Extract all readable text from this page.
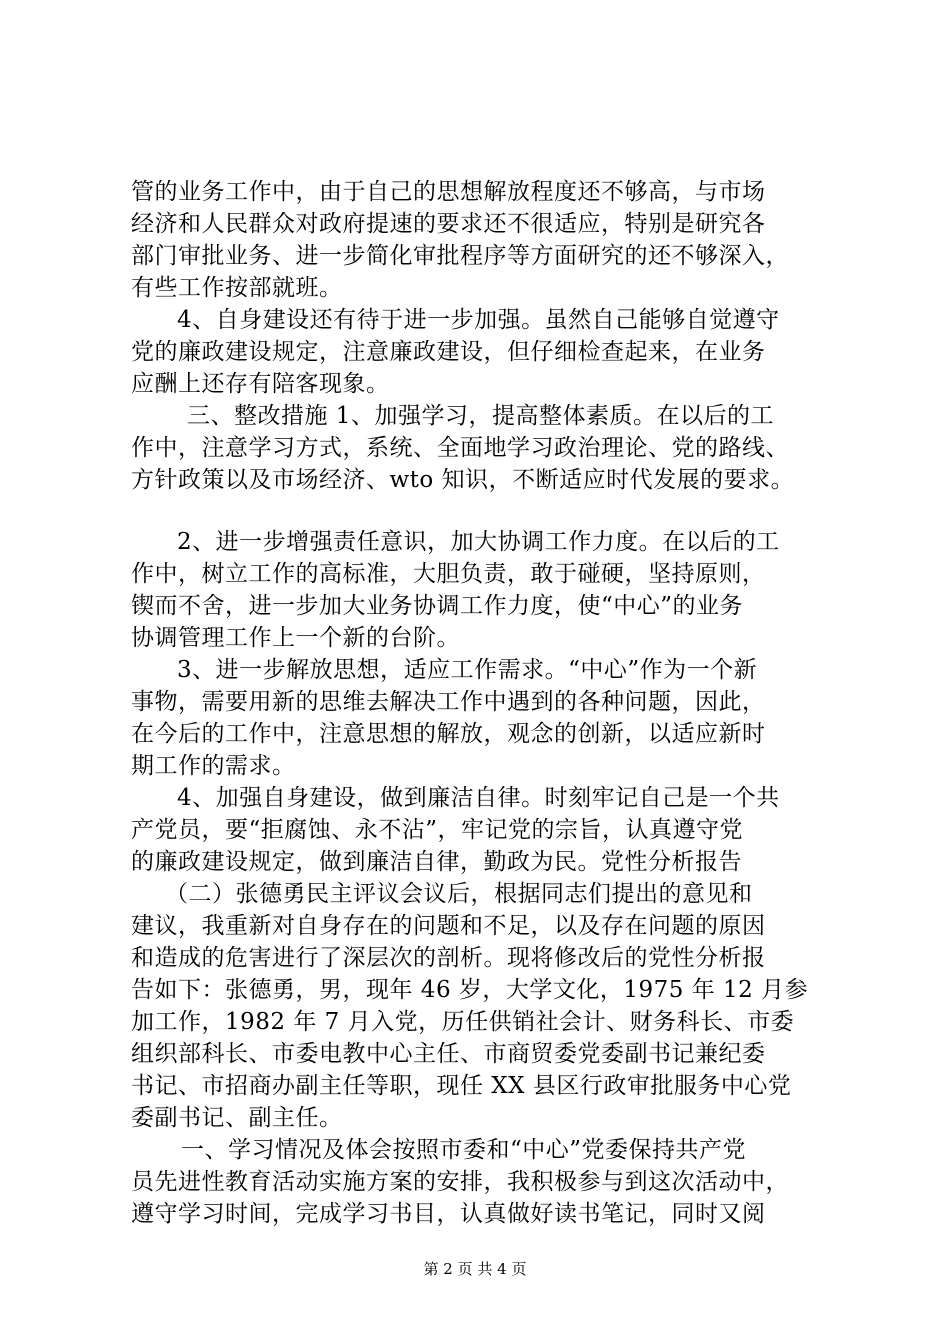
管的业务工作中，由于自己的思想解放程度还不够高，与市场
经济和人民群众对政府提速的要求还不很适应，特别是研究各
部门审批业务、进一步简化审批程序等方面研究的还不够深入，
有些工作按部就班。
4、自身建设还有待于进一步加强。虽然自己能够自觉遵守
党的廉政建设规定，注意廉政建设，但仔细检查起来，在业务
应酬上还存有陪客现象。
三、整改措施 1、加强学习，提高整体素质。在以后的工
作中，注意学习方式，系统、全面地学习政治理论、党的路线、
方针政策以及市场经济、wto 知识，不断适应时代发展的要求。
2、进一步增强责任意识，加大协调工作力度。在以后的工
作中，树立工作的高标准，大胆负责，敢于碰硬，坚持原则，
锲而不舍，进一步加大业务协调工作力度，使“中心”的业务
协调管理工作上一个新的台阶。
3、进一步解放思想，适应工作需求。“中心”作为一个新
事物，需要用新的思维去解决工作中遇到的各种问题，因此，
在今后的工作中，注意思想的解放，观念的创新，以适应新时
期工作的需求。
4、加强自身建设，做到廉洁自律。时刻牢记自己是一个共
产党员，要“拒腐蚀、永不沾”，牢记党的宗旨，认真遵守党
的廉政建设规定，做到廉洁自律，勤政为民。党性分析报告
（二）张德勇民主评议会议后，根据同志们提出的意见和
建议，我重新对自身存在的问题和不足，以及存在问题的原因
和造成的危害进行了深层次的剖析。现将修改后的党性分析报
告如下：张德勇，男，现年 46 岁，大学文化，1975 年 12 月参
加工作，1982 年 7 月入党，历任供销社会计、财务科长、市委
组织部科长、市委电教中心主任、市商贸委党委副书记兼纪委
书记、市招商办副主任等职，现任 XX 县区行政审批服务中心党
委副书记、副主任。
一、学习情况及体会按照市委和“中心”党委保持共产党
员先进性教育活动实施方案的安排，我积极参与到这次活动中，
遵守学习时间，完成学习书目，认真做好读书笔记，同时又阅
第 2 页 共 4 页
